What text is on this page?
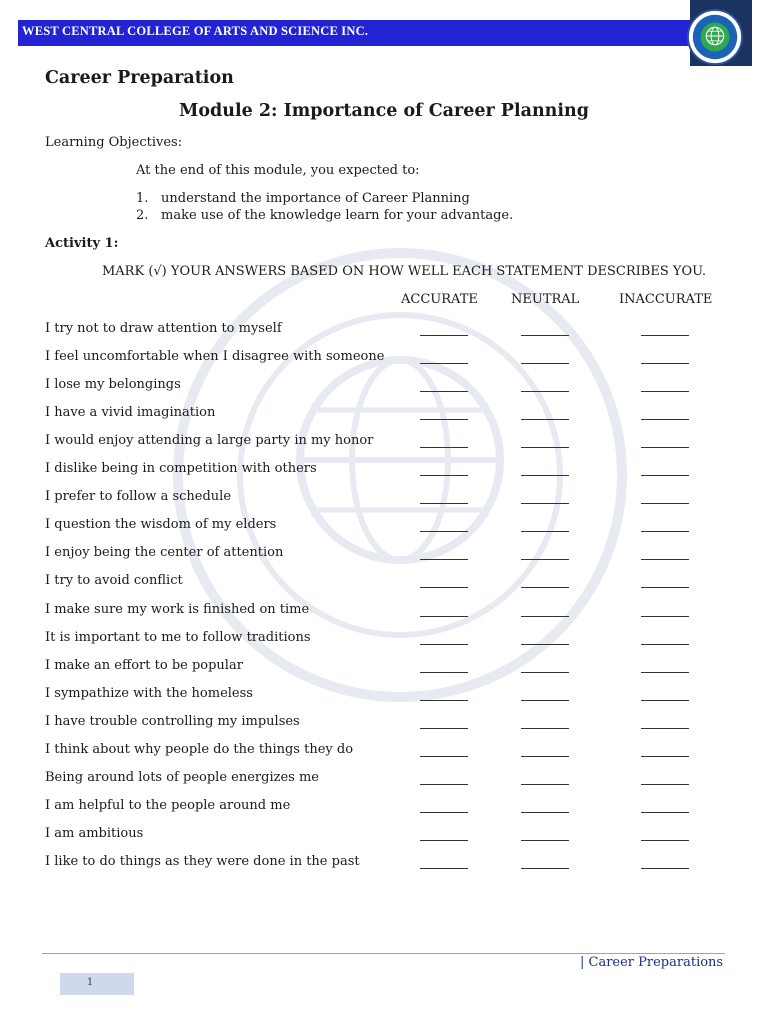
WEST CENTRAL COLLEGE OF ARTS AND SCIENCE INC.
Career Preparation
Module 2: Importance of Career Planning
Learning Objectives:
At the end of this module, you expected to:
1. understand the importance of Career Planning
2. make use of the knowledge learn for your advantage.
Activity 1:
MARK (√) YOUR ANSWERS BASED ON HOW WELL EACH STATEMENT DESCRIBES YOU.
ACCURATE	NEUTRAL	INACCURATE
I try not to draw attention to myself
I feel uncomfortable when I disagree with someone
I lose my belongings
I have a vivid imagination
I would enjoy attending a large party in my honor
I dislike being in competition with others
I prefer to follow a schedule
I question the wisdom of my elders
I enjoy being the center of attention
I try to avoid conflict
I make sure my work is finished on time
It is important to me to follow traditions
I make an effort to be popular
I sympathize with the homeless
I have trouble controlling my impulses
I think about why people do the things they do
Being around lots of people energizes me
I am helpful to the people around me
I am ambitious
I like to do things as they were done in the past
| Career Preparations
1
